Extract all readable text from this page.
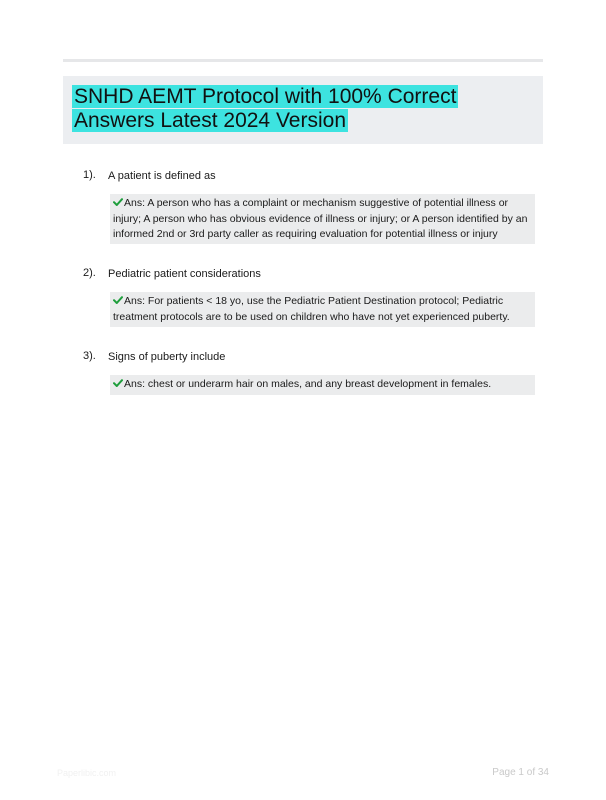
SNHD AEMT Protocol with 100% Correct Answers Latest 2024 Version
1). A patient is defined as
Ans: A person who has a complaint or mechanism suggestive of potential illness or injury; A person who has obvious evidence of illness or injury; or A person identified by an informed 2nd or 3rd party caller as requiring evaluation for potential illness or injury
2). Pediatric patient considerations
Ans: For patients < 18 yo, use the Pediatric Patient Destination protocol; Pediatric treatment protocols are to be used on children who have not yet experienced puberty.
3). Signs of puberty include
Ans: chest or underarm hair on males, and any breast development in females.
Paperlibic.com	Page 1 of 34
